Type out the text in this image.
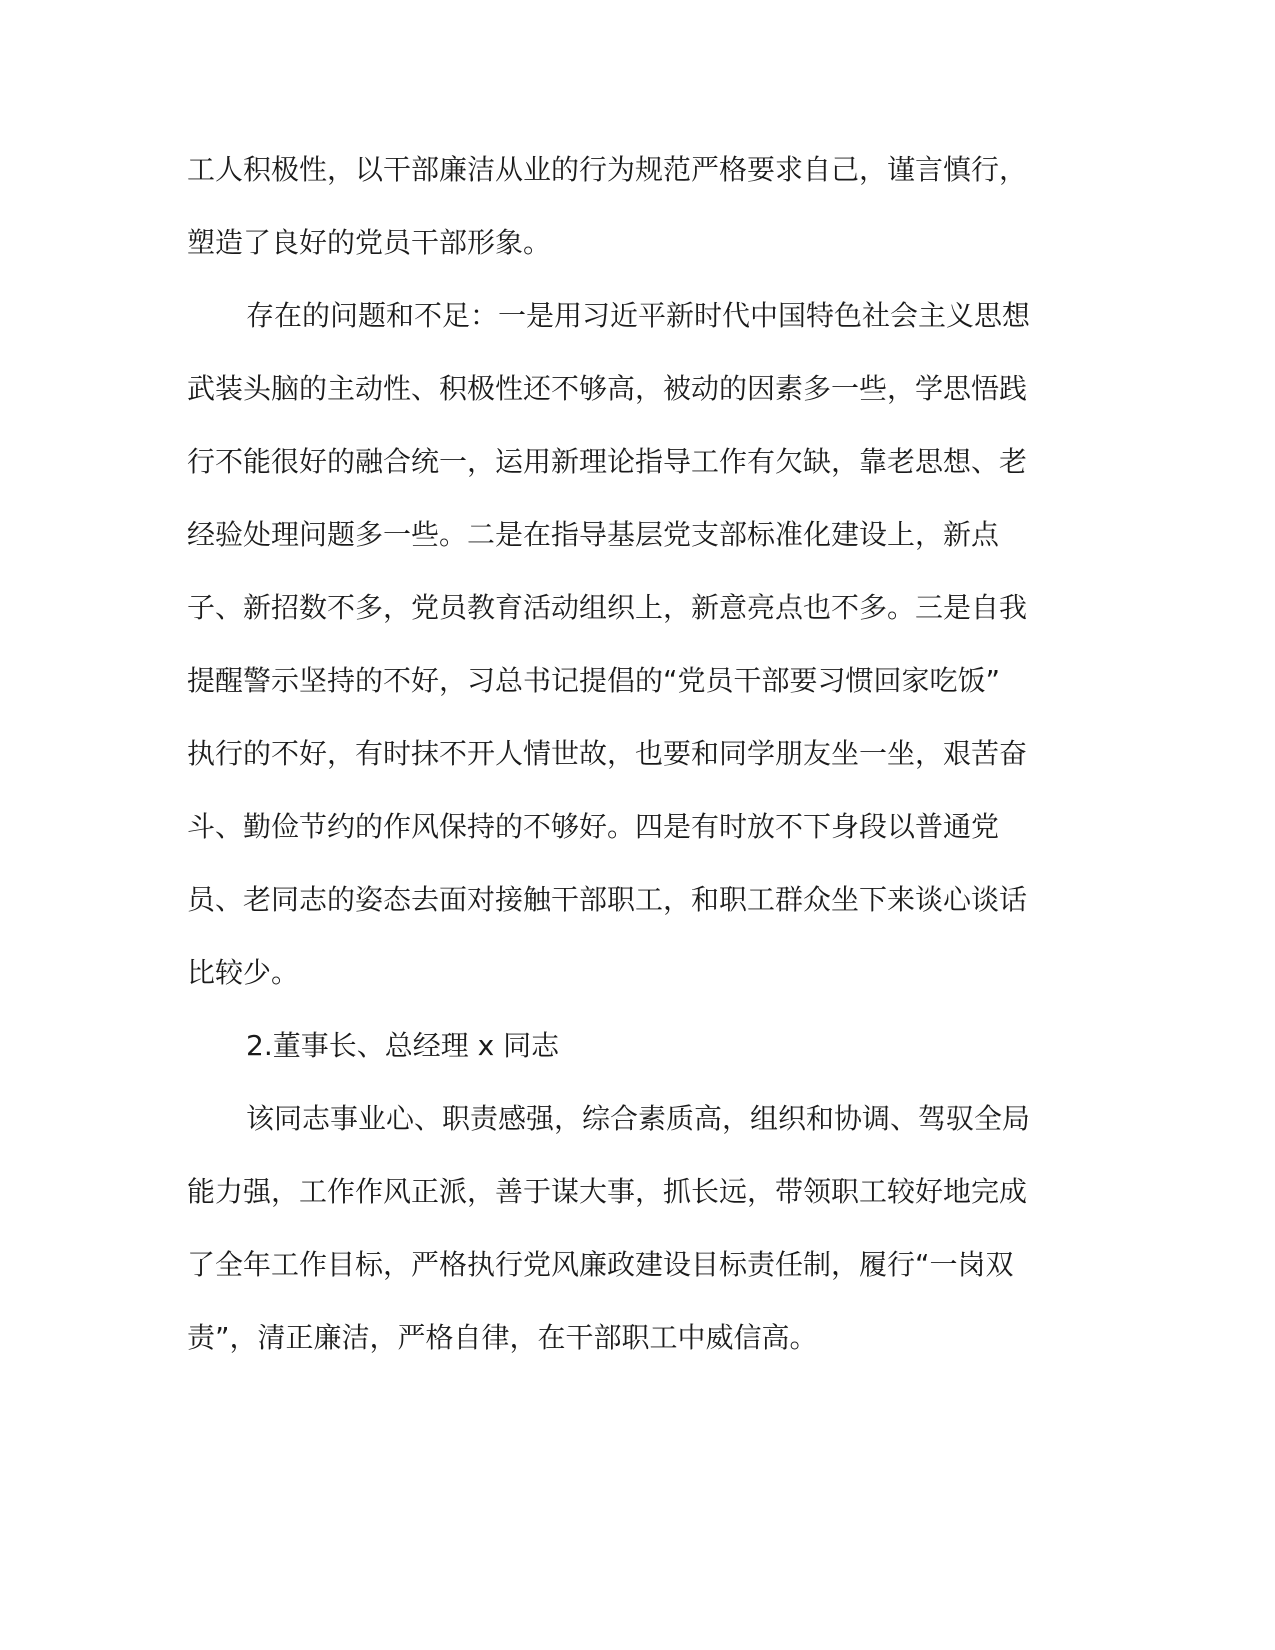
工人积极性，以干部廉洁从业的行为规范严格要求自己，谨言慎行，
塑造了良好的党员干部形象。
存在的问题和不足：一是用习近平新时代中国特色社会主义思想
武装头脑的主动性、积极性还不够高，被动的因素多一些，学思悟践
行不能很好的融合统一，运用新理论指导工作有欠缺，靠老思想、老
经验处理问题多一些。二是在指导基层党支部标准化建设上，新点
子、新招数不多，党员教育活动组织上，新意亮点也不多。三是自我
提醒警示坚持的不好，习总书记提倡的“党员干部要习惯回家吃饭”
执行的不好，有时抹不开人情世故，也要和同学朋友坐一坐，艰苦奋
斗、勤俭节约的作风保持的不够好。四是有时放不下身段以普通党
员、老同志的姿态去面对接触干部职工，和职工群众坐下来谈心谈话
比较少。
2.董事长、总经理 x 同志
该同志事业心、职责感强，综合素质高，组织和协调、驾驭全局
能力强，工作作风正派，善于谋大事，抓长远，带领职工较好地完成
了全年工作目标，严格执行党风廉政建设目标责任制，履行“一岗双
责”，清正廉洁，严格自律，在干部职工中威信高。
